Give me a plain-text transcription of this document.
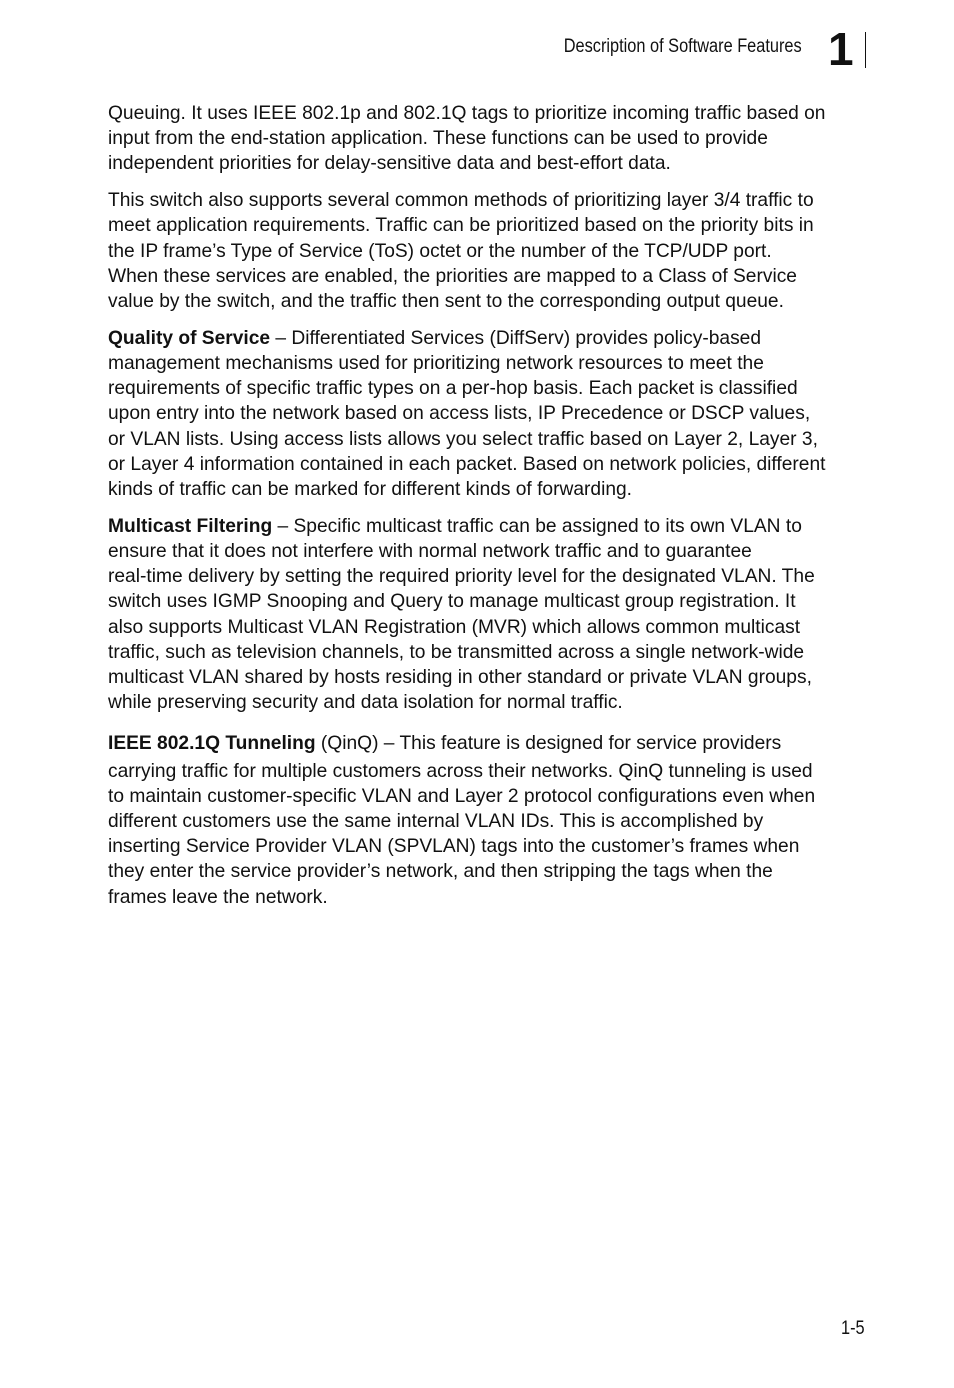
Description of Software Features 1

Queuing. It uses IEEE 802.1p and 802.1Q tags to prioritize incoming traffic based on
input from the end-station application. These functions can be used to provide
independent priorities for delay-sensitive data and best-effort data.

This switch also supports several common methods of prioritizing layer 3/4 traffic to
meet application requirements. Traffic can be prioritized based on the priority bits in
the IP frame’s Type of Service (ToS) octet or the number of the TCP/UDP port.
When these services are enabled, the priorities are mapped to a Class of Service
value by the switch, and the traffic then sent to the corresponding output queue.

Quality of Service – Differentiated Services (DiffServ) provides policy-based
management mechanisms used for prioritizing network resources to meet the
requirements of specific traffic types on a per-hop basis. Each packet is classified
upon entry into the network based on access lists, IP Precedence or DSCP values,
or VLAN lists. Using access lists allows you select traffic based on Layer 2, Layer 3,
or Layer 4 information contained in each packet. Based on network policies, different
kinds of traffic can be marked for different kinds of forwarding.

Multicast Filtering – Specific multicast traffic can be assigned to its own VLAN to
ensure that it does not interfere with normal network traffic and to guarantee
real-time delivery by setting the required priority level for the designated VLAN. The
switch uses IGMP Snooping and Query to manage multicast group registration. It
also supports Multicast VLAN Registration (MVR) which allows common multicast
traffic, such as television channels, to be transmitted across a single network-wide
multicast VLAN shared by hosts residing in other standard or private VLAN groups,
while preserving security and data isolation for normal traffic.

IEEE 802.1Q Tunneling (QinQ) – This feature is designed for service providers
carrying traffic for multiple customers across their networks. QinQ tunneling is used
to maintain customer-specific VLAN and Layer 2 protocol configurations even when
different customers use the same internal VLAN IDs. This is accomplished by
inserting Service Provider VLAN (SPVLAN) tags into the customer’s frames when
they enter the service provider’s network, and then stripping the tags when the
frames leave the network.

1-5
